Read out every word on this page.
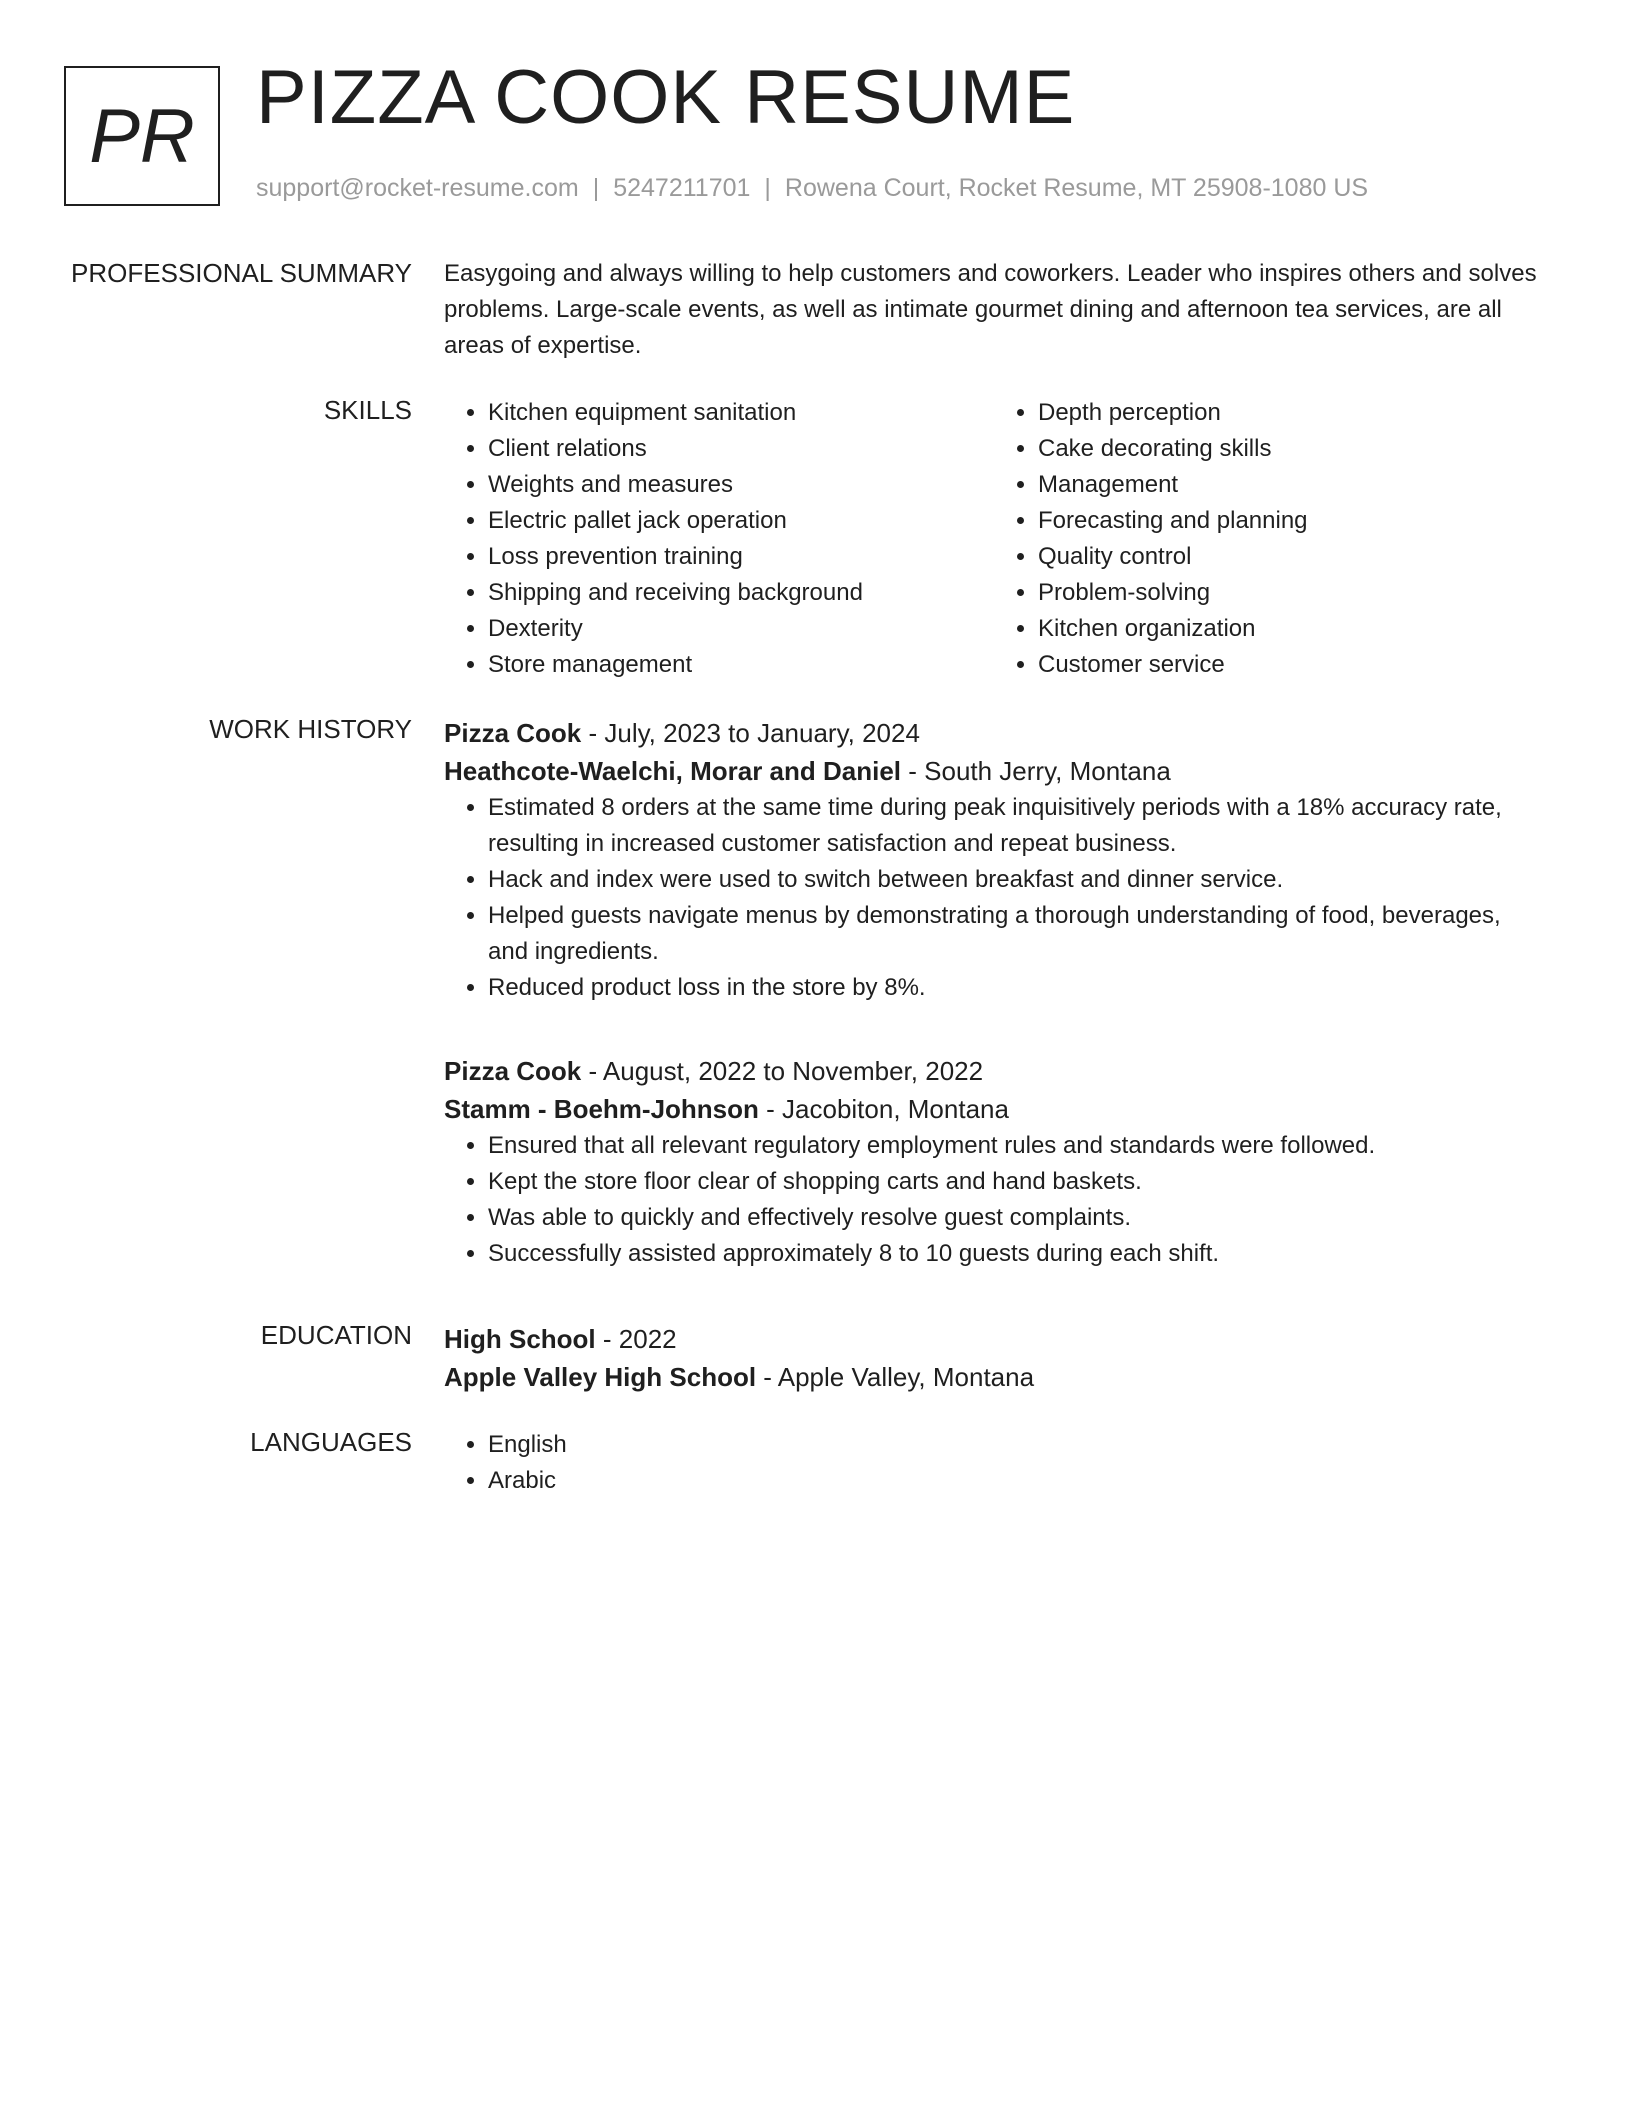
PR PIZZA COOK RESUME
support@rocket-resume.com | 5247211701 | Rowena Court, Rocket Resume, MT 25908-1080 US
PROFESSIONAL SUMMARY Easygoing and always willing to help customers and coworkers. Leader who inspires others and solves problems. Large-scale events, as well as intimate gourmet dining and afternoon tea services, are all areas of expertise.
SKILLS	• Kitchen equipment sanitation
• Client relations
• Weights and measures
• Electric pallet jack operation
• Loss prevention training
• Shipping and receiving background
• Dexterity
• Store management
• Depth perception
• Cake decorating skills
• Management
• Forecasting and planning
• Quality control
• Problem-solving
• Kitchen organization
• Customer service
WORK HISTORY Pizza Cook - July, 2023 to January, 2024
Heathcote-Waelchi, Morar and Daniel - South Jerry, Montana
• Estimated 8 orders at the same time during peak inquisitively periods with a 18% accuracy rate, resulting in increased customer satisfaction and repeat business.
• Hack and index were used to switch between breakfast and dinner service.
• Helped guests navigate menus by demonstrating a thorough understanding of food, beverages, and ingredients.
• Reduced product loss in the store by 8%.
Pizza Cook - August, 2022 to November, 2022
Stamm - Boehm-Johnson - Jacobiton, Montana
• Ensured that all relevant regulatory employment rules and standards were followed.
• Kept the store floor clear of shopping carts and hand baskets.
• Was able to quickly and effectively resolve guest complaints.
• Successfully assisted approximately 8 to 10 guests during each shift.
EDUCATION High School - 2022
Apple Valley High School - Apple Valley, Montana
LANGUAGES	• English
• Arabic
